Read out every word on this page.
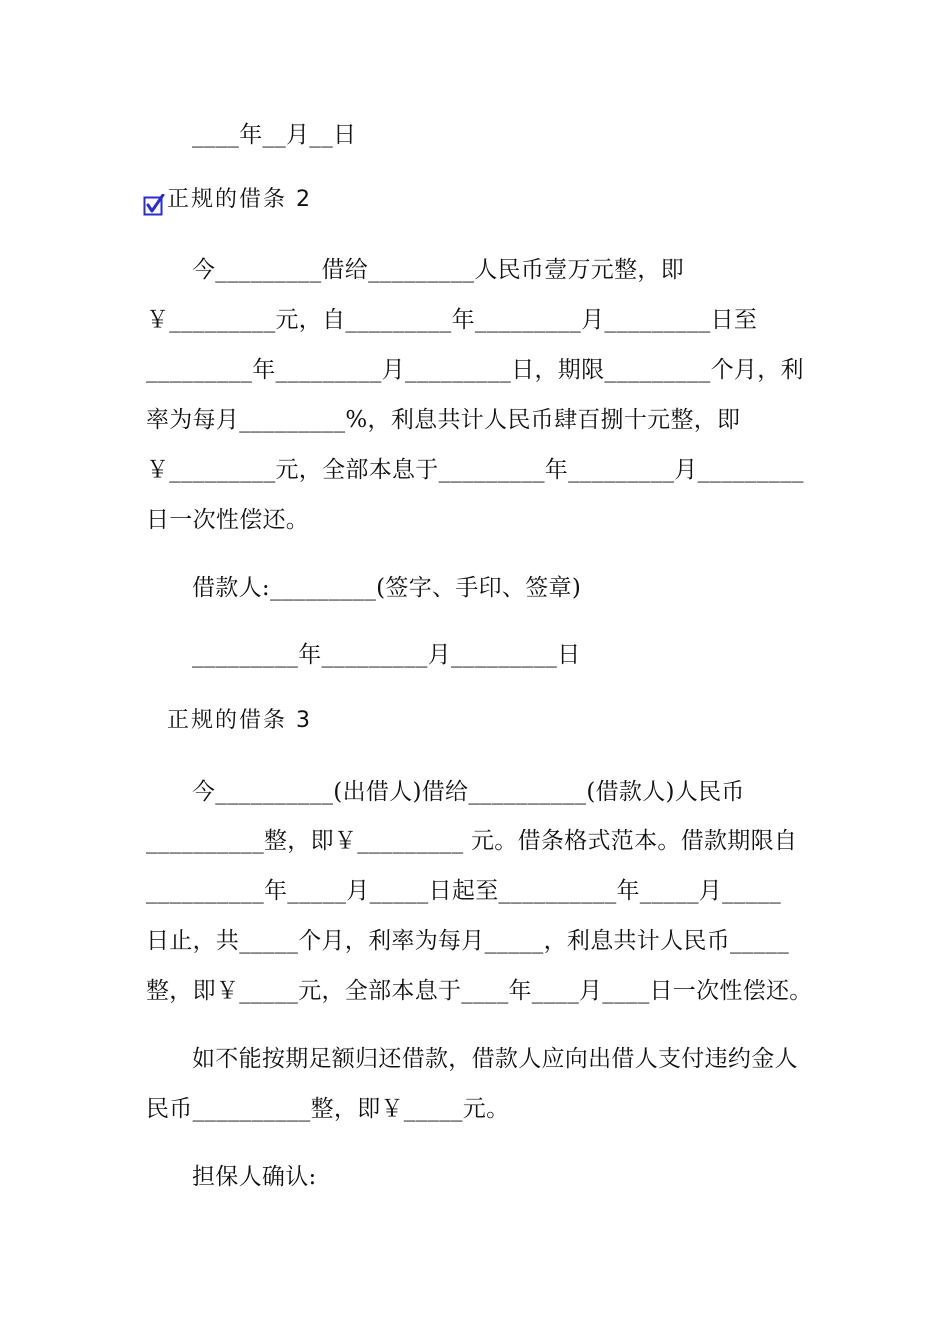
____年__月__日
正规的借条 2
今_________借给_________人民币壹万元整，即
￥_________元，自_________年_________月_________日至
_________年_________月_________日，期限_________个月，利
率为每月_________%，利息共计人民币肆百捌十元整，即
￥_________元，全部本息于_________年_________月_________
日一次性偿还。
借款人:_________(签字、手印、签章)
_________年_________月_________日
正规的借条 3
今__________(出借人)借给__________(借款人)人民币
__________整，即￥_________ 元。借条格式范本。借款期限自
__________年_____月_____日起至__________年_____月_____
日止，共_____个月，利率为每月_____，利息共计人民币_____
整，即￥_____元，全部本息于____年____月____日一次性偿还。
如不能按期足额归还借款，借款人应向出借人支付违约金人
民币__________整，即￥_____元。
担保人确认:
